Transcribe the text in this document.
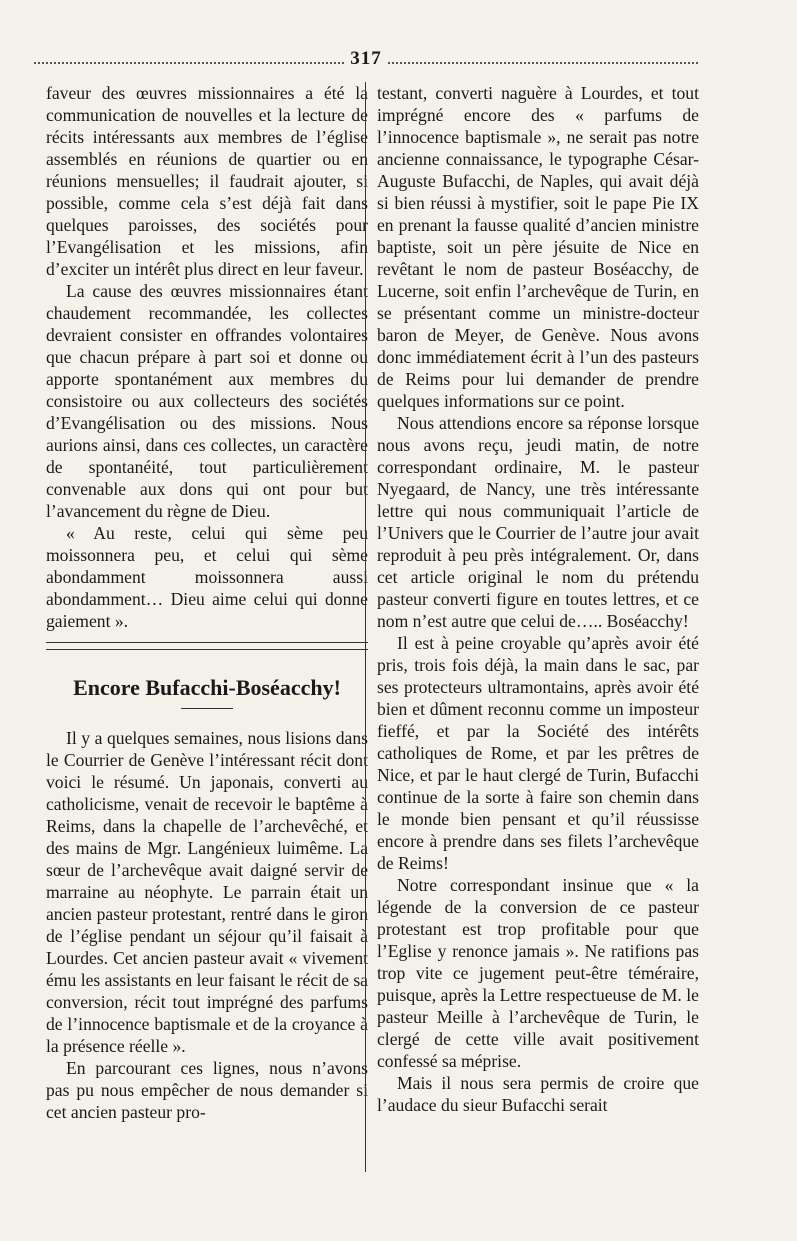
317

faveur des œuvres missionnaires a été la communication de nouvelles et la lecture de récits intéressants aux membres de l’église assemblés en réunions de quartier ou en réunions mensuelles; il faudrait ajouter, si possible, comme cela s’est déjà fait dans quelques paroisses, des sociétés pour l’Evangélisation et les missions, afin d’exciter un intérêt plus direct en leur faveur.

La cause des œuvres missionnaires étant chaudement recommandée, les collectes devraient consister en offrandes volontaires que chacun prépare à part soi et donne ou apporte spontanément aux membres du consistoire ou aux collecteurs des sociétés d’Evangélisation ou des missions. Nous aurions ainsi, dans ces collectes, un caractère de spontanéité, tout particulièrement convenable aux dons qui ont pour but l’avancement du règne de Dieu.

« Au reste, celui qui sème peu moissonnera peu, et celui qui sème abondamment moissonnera aussi abondamment… Dieu aime celui qui donne gaiement ».

Encore Bufacchi-Boséacchy!

Il y a quelques semaines, nous lisions dans le Courrier de Genève l’intéressant récit dont voici le résumé. Un japonais, converti au catholicisme, venait de recevoir le baptême à Reims, dans la chapelle de l’archevêché, et des mains de Mgr. Langénieux luimême. La sœur de l’archevêque avait daigné servir de marraine au néophyte. Le parrain était un ancien pasteur protestant, rentré dans le giron de l’église pendant un séjour qu’il faisait à Lourdes. Cet ancien pasteur avait « vivement ému les assistants en leur faisant le récit de sa conversion, récit tout imprégné des parfums de l’innocence baptismale et de la croyance à la présence réelle ».

En parcourant ces lignes, nous n’avons pas pu nous empêcher de nous demander si cet ancien pasteur pro-

testant, converti naguère à Lourdes, et tout imprégné encore des « parfums de l’innocence baptismale », ne serait pas notre ancienne connaissance, le typographe César-Auguste Bufacchi, de Naples, qui avait déjà si bien réussi à mystifier, soit le pape Pie IX en prenant la fausse qualité d’ancien ministre baptiste, soit un père jésuite de Nice en revêtant le nom de pasteur Boséacchy, de Lucerne, soit enfin l’archevêque de Turin, en se présentant comme un ministre-docteur baron de Meyer, de Genève. Nous avons donc immédiatement écrit à l’un des pasteurs de Reims pour lui demander de prendre quelques informations sur ce point.

Nous attendions encore sa réponse lorsque nous avons reçu, jeudi matin, de notre correspondant ordinaire, M. le pasteur Nyegaard, de Nancy, une très intéressante lettre qui nous communiquait l’article de l’Univers que le Courrier de l’autre jour avait reproduit à peu près intégralement. Or, dans cet article original le nom du prétendu pasteur converti figure en toutes lettres, et ce nom n’est autre que celui de….. Boséacchy!

Il est à peine croyable qu’après avoir été pris, trois fois déjà, la main dans le sac, par ses protecteurs ultramontains, après avoir été bien et dûment reconnu comme un imposteur fieffé, et par la Société des intérêts catholiques de Rome, et par les prêtres de Nice, et par le haut clergé de Turin, Bufacchi continue de la sorte à faire son chemin dans le monde bien pensant et qu’il réussisse encore à prendre dans ses filets l’archevêque de Reims!

Notre correspondant insinue que « la légende de la conversion de ce pasteur protestant est trop profitable pour que l’Eglise y renonce jamais ». Ne ratifions pas trop vite ce jugement peut-être téméraire, puisque, après la Lettre respectueuse de M. le pasteur Meille à l’archevêque de Turin, le clergé de cette ville avait positivement confessé sa méprise.

Mais il nous sera permis de croire que l’audace du sieur Bufacchi serait
